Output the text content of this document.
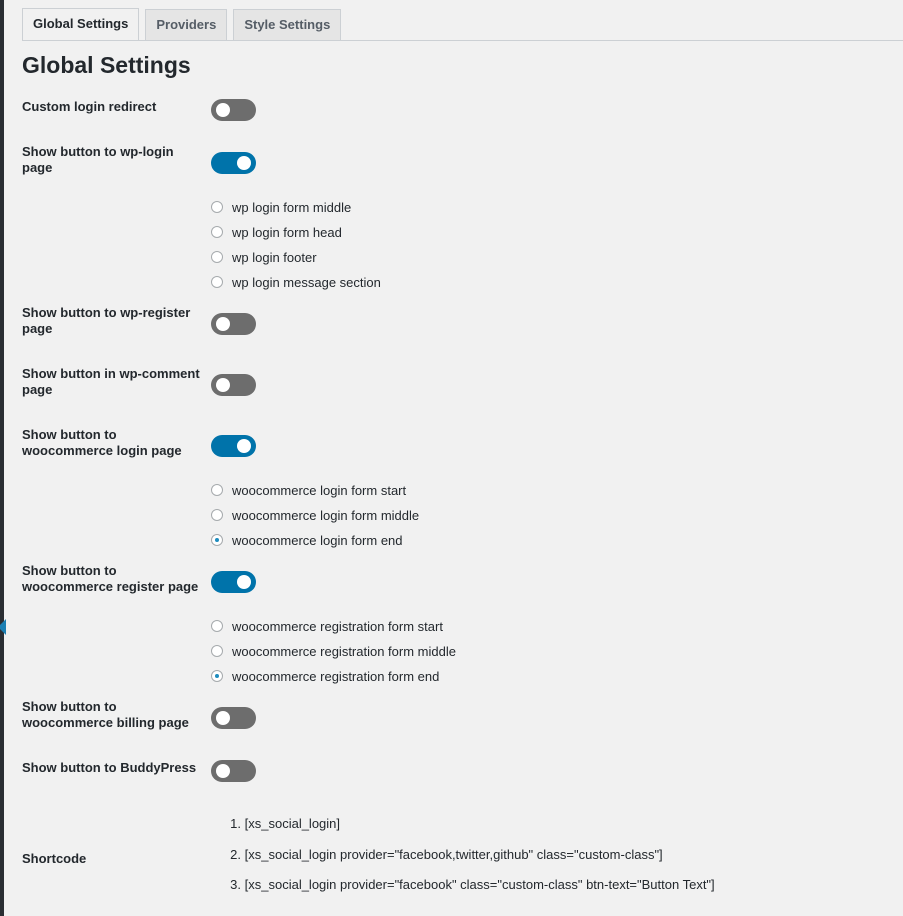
Global Settings	Providers	Style Settings
Global Settings
Custom login redirect
Show button to wp-login
page
wp login form middle
wp login form head
wp login footer
wp login message section
Show button to wp-register
page
Show button in wp-comment
page
Show button to
woocommerce login page
woocommerce login form start
woocommerce login form middle
woocommerce login form end
Show button to
woocommerce register page
woocommerce registration form start
woocommerce registration form middle
woocommerce registration form end
Show button to
woocommerce billing page
Show button to BuddyPress
Shortcode
1. [xs_social_login]
2. [xs_social_login provider="facebook,twitter,github" class="custom-class"]
3. [xs_social_login provider="facebook" class="custom-class" btn-text="Button Text"]
